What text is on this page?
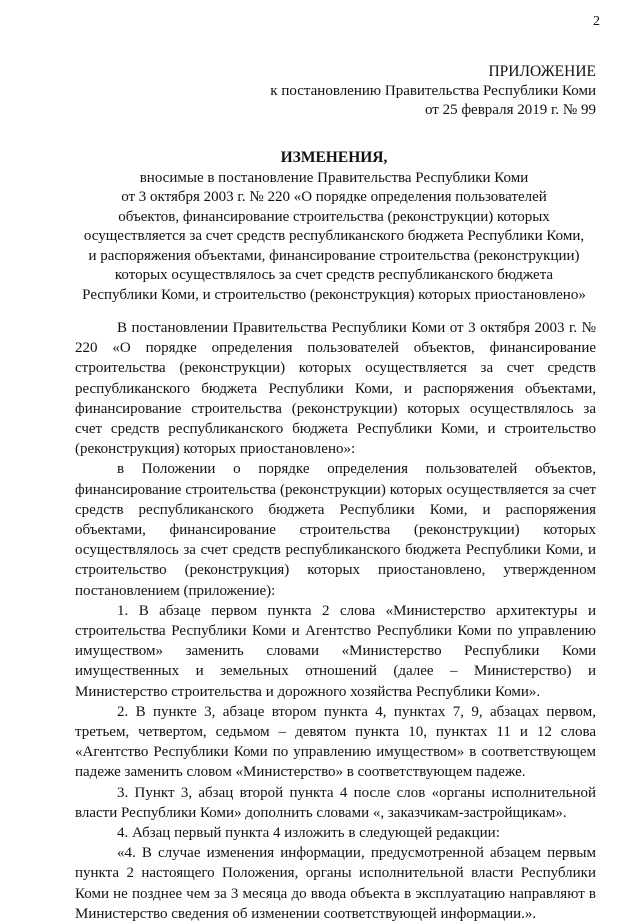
2
ПРИЛОЖЕНИЕ
к постановлению Правительства Республики Коми
от 25 февраля 2019 г. № 99
ИЗМЕНЕНИЯ,
вносимые в постановление Правительства Республики Коми
от 3 октября 2003 г. № 220 «О порядке определения пользователей
объектов, финансирование строительства (реконструкции) которых
осуществляется за счет средств республиканского бюджета Республики Коми,
и распоряжения объектами, финансирование строительства (реконструкции)
которых осуществлялось за счет средств республиканского бюджета
Республики Коми, и строительство (реконструкция) которых приостановлено»

В постановлении Правительства Республики Коми от 3 октября 2003 г. № 220 «О порядке определения пользователей объектов, финансирование строительства (реконструкции) которых осуществляется за счет средств республиканского бюджета Республики Коми, и распоряжения объектами, финансирование строительства (реконструкции) которых осуществлялось за счет средств республиканского бюджета Республики Коми, и строительство (реконструкция) которых приостановлено»:

в Положении о порядке определения пользователей объектов, финансирование строительства (реконструкции) которых осуществляется за счет средств республиканского бюджета Республики Коми, и распоряжения объектами, финансирование строительства (реконструкции) которых осуществлялось за счет средств республиканского бюджета Республики Коми, и строительство (реконструкция) которых приостановлено, утвержденном постановлением (приложение):

1. В абзаце первом пункта 2 слова «Министерство архитектуры и строительства Республики Коми и Агентство Республики Коми по управлению имуществом» заменить словами «Министерство Республики Коми имущественных и земельных отношений (далее – Министерство) и Министерство строительства и дорожного хозяйства Республики Коми».

2. В пункте 3, абзаце втором пункта 4, пунктах 7, 9, абзацах первом, третьем, четвертом, седьмом – девятом пункта 10, пунктах 11 и 12 слова «Агентство Республики Коми по управлению имуществом» в соответствующем падеже заменить словом «Министерство» в соответствующем падеже.

3. Пункт 3, абзац второй пункта 4 после слов «органы исполнительной власти Республики Коми» дополнить словами «, заказчикам-застройщикам».

4. Абзац первый пункта 4 изложить в следующей редакции:

«4. В случае изменения информации, предусмотренной абзацем первым пункта 2 настоящего Положения, органы исполнительной власти Республики Коми не позднее чем за 3 месяца до ввода объекта в эксплуатацию направляют в Министерство сведения об изменении соответствующей информации.».
